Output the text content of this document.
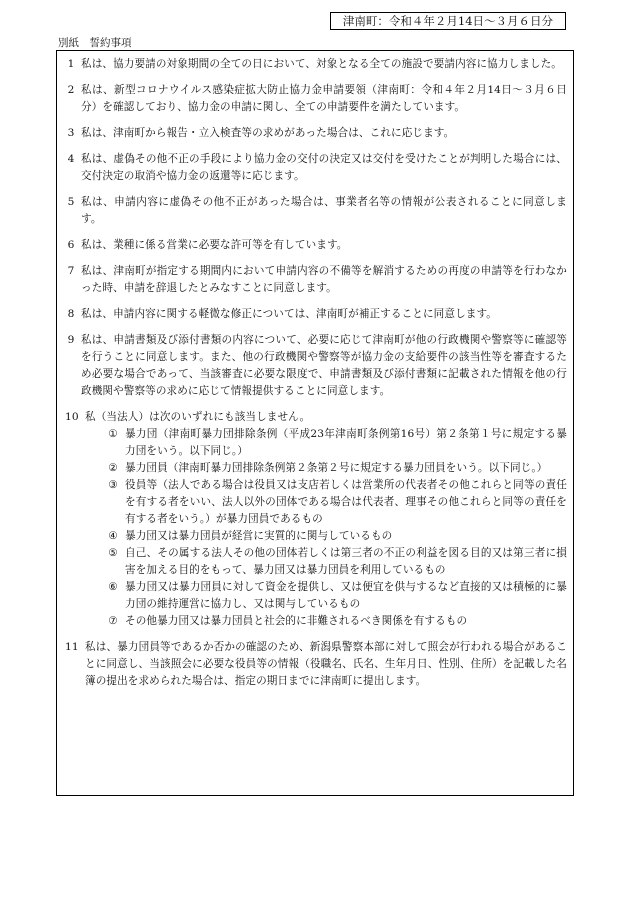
津南町：令和４年２月14日～３月６日分
別紙　誓約事項
1 私は、協力要請の対象期間の全ての日において、対象となる全ての施設で要請内容に協力しました。
2 私は、新型コロナウイルス感染症拡大防止協力金申請要領（津南町：令和４年２月14日～３月６日分）を確認しており、協力金の申請に関し、全ての申請要件を満たしています。
3 私は、津南町から報告・立入検査等の求めがあった場合は、これに応じます。
4 私は、虚偽その他不正の手段により協力金の交付の決定又は交付を受けたことが判明した場合には、交付決定の取消や協力金の返還等に応じます。
5 私は、申請内容に虚偽その他不正があった場合は、事業者名等の情報が公表されることに同意します。
6 私は、業種に係る営業に必要な許可等を有しています。
7 私は、津南町が指定する期間内において申請内容の不備等を解消するための再度の申請等を行わなかった時、申請を辞退したとみなすことに同意します。
8 私は、申請内容に関する軽微な修正については、津南町が補正することに同意します。
9 私は、申請書類及び添付書類の内容について、必要に応じて津南町が他の行政機関や警察等に確認等を行うことに同意します。また、他の行政機関や警察等が協力金の支給要件の該当性等を審査するため必要な場合であって、当該審査に必要な限度で、申請書類及び添付書類に記載された情報を他の行政機関や警察等の求めに応じて情報提供することに同意します。
10 私（当法人）は次のいずれにも該当しません。
① 暴力団（津南町暴力団排除条例（平成23年津南町条例第16号）第２条第１号に規定する暴力団をいう。以下同じ。）
② 暴力団員（津南町暴力団排除条例第２条第２号に規定する暴力団員をいう。以下同じ。）
③ 役員等（法人である場合は役員又は支店若しくは営業所の代表者その他これらと同等の責任を有する者をいい、法人以外の団体である場合は代表者、理事その他これらと同等の責任を有する者をいう。）が暴力団員であるもの
④ 暴力団又は暴力団員が経営に実質的に関与しているもの
⑤ 自己、その属する法人その他の団体若しくは第三者の不正の利益を図る目的又は第三者に損害を加える目的をもって、暴力団又は暴力団員を利用しているもの
⑥ 暴力団又は暴力団員に対して資金を提供し、又は便宜を供与するなど直接的又は積極的に暴力団の維持運営に協力し、又は関与しているもの
⑦ その他暴力団又は暴力団員と社会的に非難されるべき関係を有するもの
11 私は、暴力団員等であるか否かの確認のため、新潟県警察本部に対して照会が行われる場合があることに同意し、当該照会に必要な役員等の情報（役職名、氏名、生年月日、性別、住所）を記載した名簿の提出を求められた場合は、指定の期日までに津南町に提出します。
